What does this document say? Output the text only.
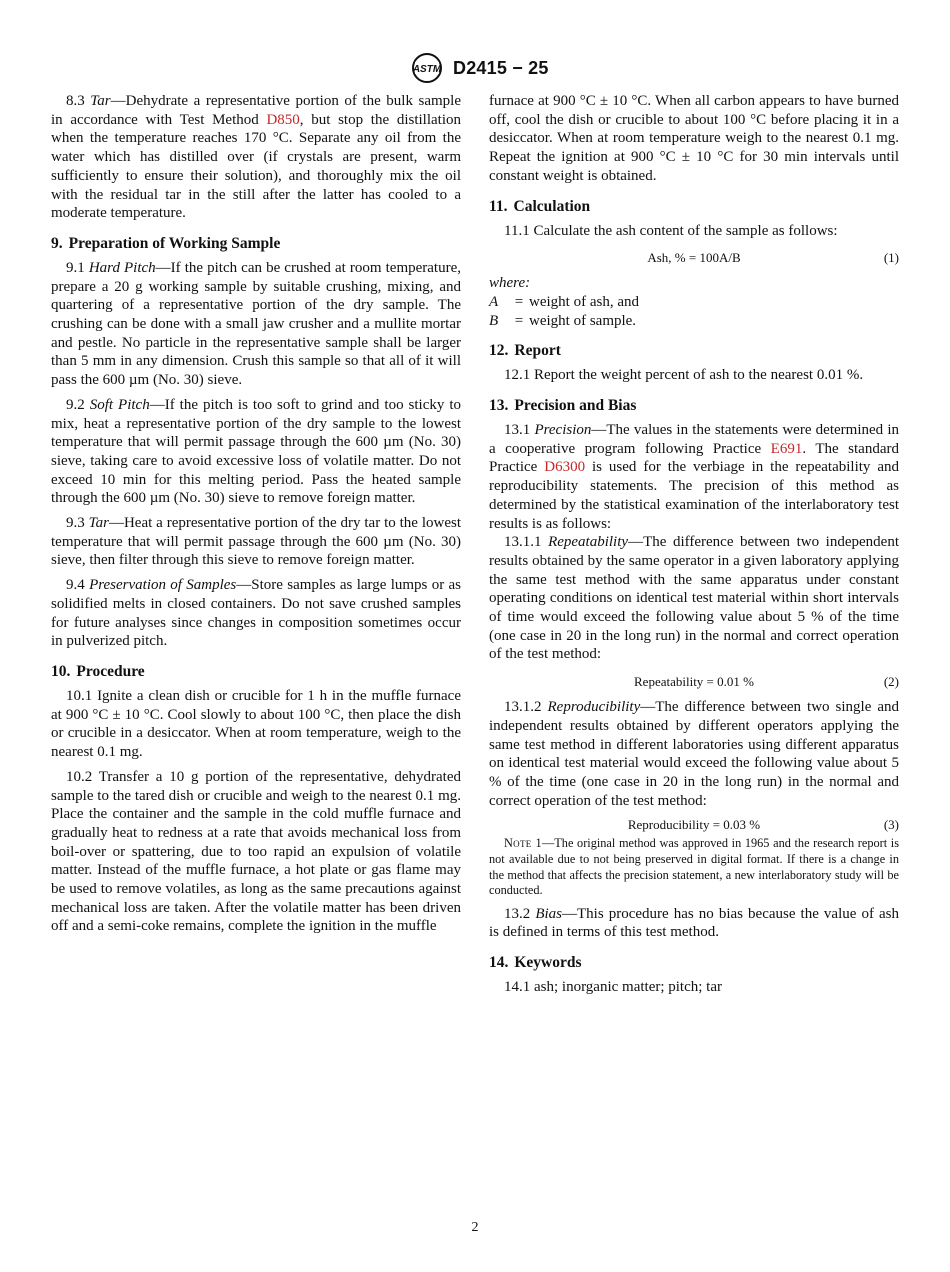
ASTM D2415 − 25

8.3 Tar—Dehydrate a representative portion of the bulk sample in accordance with Test Method D850, but stop the distillation when the temperature reaches 170 °C. Separate any oil from the water which has distilled over (if crystals are present, warm sufficiently to ensure their solution), and thoroughly mix the oil with the residual tar in the still after the latter has cooled to a moderate temperature.

9. Preparation of Working Sample

9.1 Hard Pitch—If the pitch can be crushed at room temperature, prepare a 20 g working sample by suitable crushing, mixing, and quartering of a representative portion of the dry sample. The crushing can be done with a small jaw crusher and a mullite mortar and pestle. No particle in the representative sample shall be larger than 5 mm in any dimension. Crush this sample so that all of it will pass the 600 µm (No. 30) sieve.

9.2 Soft Pitch—If the pitch is too soft to grind and too sticky to mix, heat a representative portion of the dry sample to the lowest temperature that will permit passage through the 600 µm (No. 30) sieve, taking care to avoid excessive loss of volatile matter. Do not exceed 10 min for this melting period. Pass the heated sample through the 600 µm (No. 30) sieve to remove foreign matter.

9.3 Tar—Heat a representative portion of the dry tar to the lowest temperature that will permit passage through the 600 µm (No. 30) sieve, then filter through this sieve to remove foreign matter.

9.4 Preservation of Samples—Store samples as large lumps or as solidified melts in closed containers. Do not save crushed samples for future analyses since changes in composition sometimes occur in pulverized pitch.

10. Procedure

10.1 Ignite a clean dish or crucible for 1 h in the muffle furnace at 900 °C ± 10 °C. Cool slowly to about 100 °C, then place the dish or crucible in a desiccator. When at room temperature, weigh to the nearest 0.1 mg.

10.2 Transfer a 10 g portion of the representative, dehydrated sample to the tared dish or crucible and weigh to the nearest 0.1 mg. Place the container and the sample in the cold muffle furnace and gradually heat to redness at a rate that avoids mechanical loss from boil-over or spattering, due to too rapid an expulsion of volatile matter. Instead of the muffle furnace, a hot plate or gas flame may be used to remove volatiles, as long as the same precautions against mechanical loss are taken. After the volatile matter has been driven off and a semi-coke remains, complete the ignition in the muffle

furnace at 900 °C ± 10 °C. When all carbon appears to have burned off, cool the dish or crucible to about 100 °C before placing it in a desiccator. When at room temperature weigh to the nearest 0.1 mg. Repeat the ignition at 900 °C ± 10 °C for 30 min intervals until constant weight is obtained.

11. Calculation

11.1 Calculate the ash content of the sample as follows:

Ash, % = 100A/B	(1)
where:
A	= weight of ash, and
B	= weight of sample.
12. Report

12.1 Report the weight percent of ash to the nearest 0.01 %.

13. Precision and Bias

13.1 Precision—The values in the statements were determined in a cooperative program following Practice E691. The standard Practice D6300 is used for the verbiage in the repeatability and reproducibility statements. The precision of this method as determined by the statistical examination of the interlaboratory test results is as follows:

13.1.1 Repeatability—The difference between two independent results obtained by the same operator in a given laboratory applying the same test method with the same apparatus under constant operating conditions on identical test material within short intervals of time would exceed the following value about 5 % of the time (one case in 20 in the long run) in the normal and correct operation of the test method:

Repeatability = 0.01 %	(2)

13.1.2 Reproducibility—The difference between two single and independent results obtained by different operators applying the same test method in different laboratories using different apparatus on identical test material would exceed the following value about 5 % of the time (one case in 20 in the long run) in the normal and correct operation of the test method:

Reproducibility = 0.03 %	(3)

Note 1—The original method was approved in 1965 and the research report is not available due to not being preserved in digital format. If there is a change in the method that affects the precision statement, a new interlaboratory study will be conducted.

13.2 Bias—This procedure has no bias because the value of ash is defined in terms of this test method.

14. Keywords

14.1 ash; inorganic matter; pitch; tar

2
